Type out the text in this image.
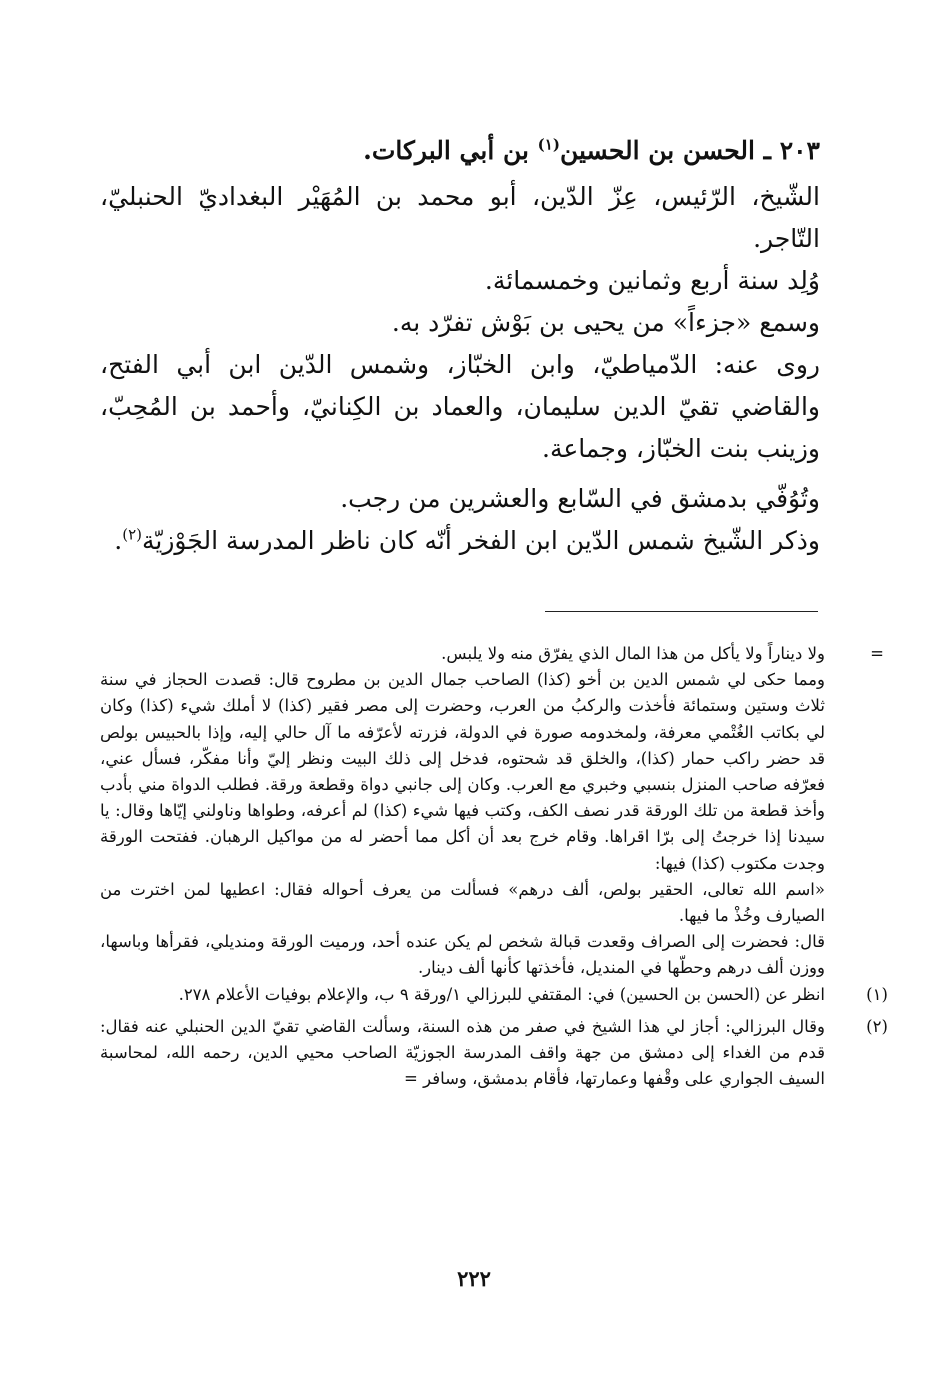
٢٠٣ ـ الحسن بن الحسين$^{(١)}$ بن أبي البركات.

الشّيخ، الرّئيس، عِزّ الدّين، أبو محمد بن المُهَيْر البغداديّ الحنبليّ، التّاجر.

وُلِد سنة أربع وثمانين وخمسمائة.

وسمع «جزءاً» من يحيى بن بَوْش تفرّد به.

روى عنه: الدّمياطيّ، وابن الخبّاز، وشمس الدّين ابن أبي الفتح، والقاضي تقيّ الدين سليمان، والعماد بن الكِنانيّ، وأحمد بن المُحِبّ، وزينب بنت الخبّاز، وجماعة.

وتُوُفّي بدمشق في السّابع والعشرين من رجب.

وذكر الشّيخ شمس الدّين ابن الفخر أنّه كان ناظر المدرسة الجَوْزيّة$^{(٢)}$.

=

ولا ديناراً ولا يأكل من هذا المال الذي يفرّق منه ولا يلبس.

ومما حكى لي شمس الدين بن أخو (كذا) الصاحب جمال الدين بن مطروح قال: قصدت الحجاز في سنة ثلاث وستين وستمائة فأخذت والركبُ من العرب، وحضرت إلى مصر فقير (كذا) لا أملك شيء (كذا) وكان لي بكاتب الغُتْمي معرفة، ولمخدومه صورة في الدولة، فزرته لأعرّفه ما آل حالي إليه، وإذا بالحبيس بولص قد حضر راكب حمار (كذا)، والخلق قد شحتوه، فدخل إلى ذلك البيت ونظر إليّ وأنا مفكّر، فسأل عني، فعرّفه صاحب المنزل بنسبي وخبري مع العرب. وكان إلى جانبي دواة وقطعة ورقة. فطلب الدواة مني بأدب وأخذ قطعة من تلك الورقة قدر نصف الكف، وكتب فيها شيء (كذا) لم أعرفه، وطواها وناولني إيّاها وقال: يا سيدنا إذا خرجتُ إلى برّا اقراها. وقام خرج بعد أن أكل مما أحضر له من مواكيل الرهبان. ففتحت الورقة وجدت مكتوب (كذا) فيها:

«اسم الله تعالى، الحقير بولص، ألف درهم» فسألت من يعرف أحواله فقال: اعطيها لمن اخترت من الصيارف وخُذْ ما فيها.

قال: فحضرت إلى الصراف وقعدت قبالة شخص لم يكن عنده أحد، ورميت الورقة ومنديلي، فقرأها وباسها، ووزن ألف درهم وحطّها في المنديل، فأخذتها كأنها ألف دينار.

(١)

انظر عن (الحسن بن الحسين) في: المقتفي للبرزالي ١/ورقة ٩ ب، والإعلام بوفيات الأعلام ٢٧٨.

(٢)

وقال البرزالي: أجاز لي هذا الشيخ في صفر من هذه السنة، وسألت القاضي تقيّ الدين الحنبلي عنه فقال: قدم من الغداء إلى دمشق من جهة واقف المدرسة الجوزيّة الصاحب محيي الدين، رحمه الله، لمحاسبة السيف الجواري على وقْفها وعمارتها، فأقام بدمشق، وسافر =

٢٢٢
